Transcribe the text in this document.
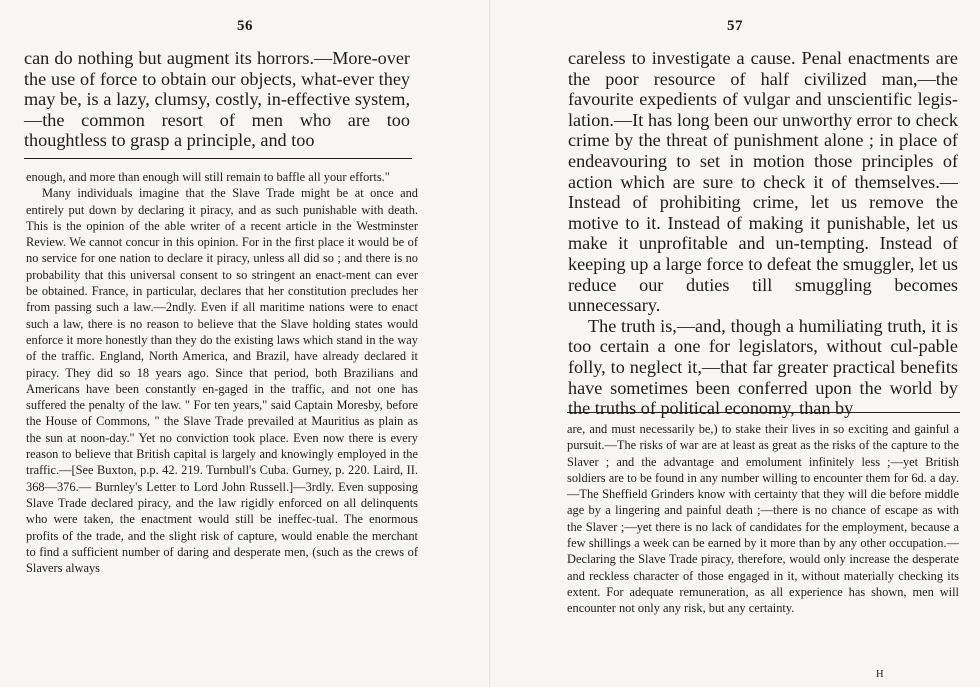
56

can do nothing but augment its horrors.—More-over the use of force to obtain our objects, what-ever they may be, is a lazy, clumsy, costly, in-effective system,—the common resort of men who are too thoughtless to grasp a principle, and too

enough, and more than enough will still remain to baffle all your efforts."

Many individuals imagine that the Slave Trade might be at once and entirely put down by declaring it piracy, and as such punishable with death. This is the opinion of the able writer of a recent article in the Westminster Review. We cannot concur in this opinion. For in the first place it would be of no service for one nation to declare it piracy, unless all did so ; and there is no probability that this universal consent to so stringent an enact-ment can ever be obtained. France, in particular, declares that her constitution precludes her from passing such a law.—2ndly. Even if all maritime nations were to enact such a law, there is no reason to believe that the Slave holding states would enforce it more honestly than they do the existing laws which stand in the way of the traffic. England, North America, and Brazil, have already declared it piracy. They did so 18 years ago. Since that period, both Brazilians and Americans have been constantly en-gaged in the traffic, and not one has suffered the penalty of the law. " For ten years," said Captain Moresby, before the House of Commons, " the Slave Trade prevailed at Mauritius as plain as the sun at noon-day." Yet no conviction took place. Even now there is every reason to believe that British capital is largely and knowingly employed in the traffic.—[See Buxton, p.p. 42. 219. Turnbull's Cuba. Gurney, p. 220. Laird, II. 368—376.— Burnley's Letter to Lord John Russell.]—3rdly. Even supposing Slave Trade declared piracy, and the law rigidly enforced on all delinquents who were taken, the enactment would still be ineffec-tual. The enormous profits of the trade, and the slight risk of capture, would enable the merchant to find a sufficient number of daring and desperate men, (such as the crews of Slavers always

57

careless to investigate a cause. Penal enactments are the poor resource of half civilized man,—the favourite expedients of vulgar and unscientific legis-lation.—It has long been our unworthy error to check crime by the threat of punishment alone ; in place of endeavouring to set in motion those principles of action which are sure to check it of themselves.—Instead of prohibiting crime, let us remove the motive to it. Instead of making it punishable, let us make it unprofitable and un-tempting. Instead of keeping up a large force to defeat the smuggler, let us reduce our duties till smuggling becomes unnecessary.

The truth is,—and, though a humiliating truth, it is too certain a one for legislators, without cul-pable folly, to neglect it,—that far greater practical benefits have sometimes been conferred upon the world by the truths of political economy, than by

are, and must necessarily be,) to stake their lives in so exciting and gainful a pursuit.—The risks of war are at least as great as the risks of the capture to the Slaver ; and the advantage and emolument infinitely less ;—yet British soldiers are to be found in any number willing to encounter them for 6d. a day.—The Sheffield Grinders know with certainty that they will die before middle age by a lingering and painful death ;—there is no chance of escape as with the Slaver ;—yet there is no lack of candidates for the employment, because a few shillings a week can be earned by it more than by any other occupation.—Declaring the Slave Trade piracy, therefore, would only increase the desperate and reckless character of those engaged in it, without materially checking its extent. For adequate remuneration, as all experience has shown, men will encounter not only any risk, but any certainty.

H
